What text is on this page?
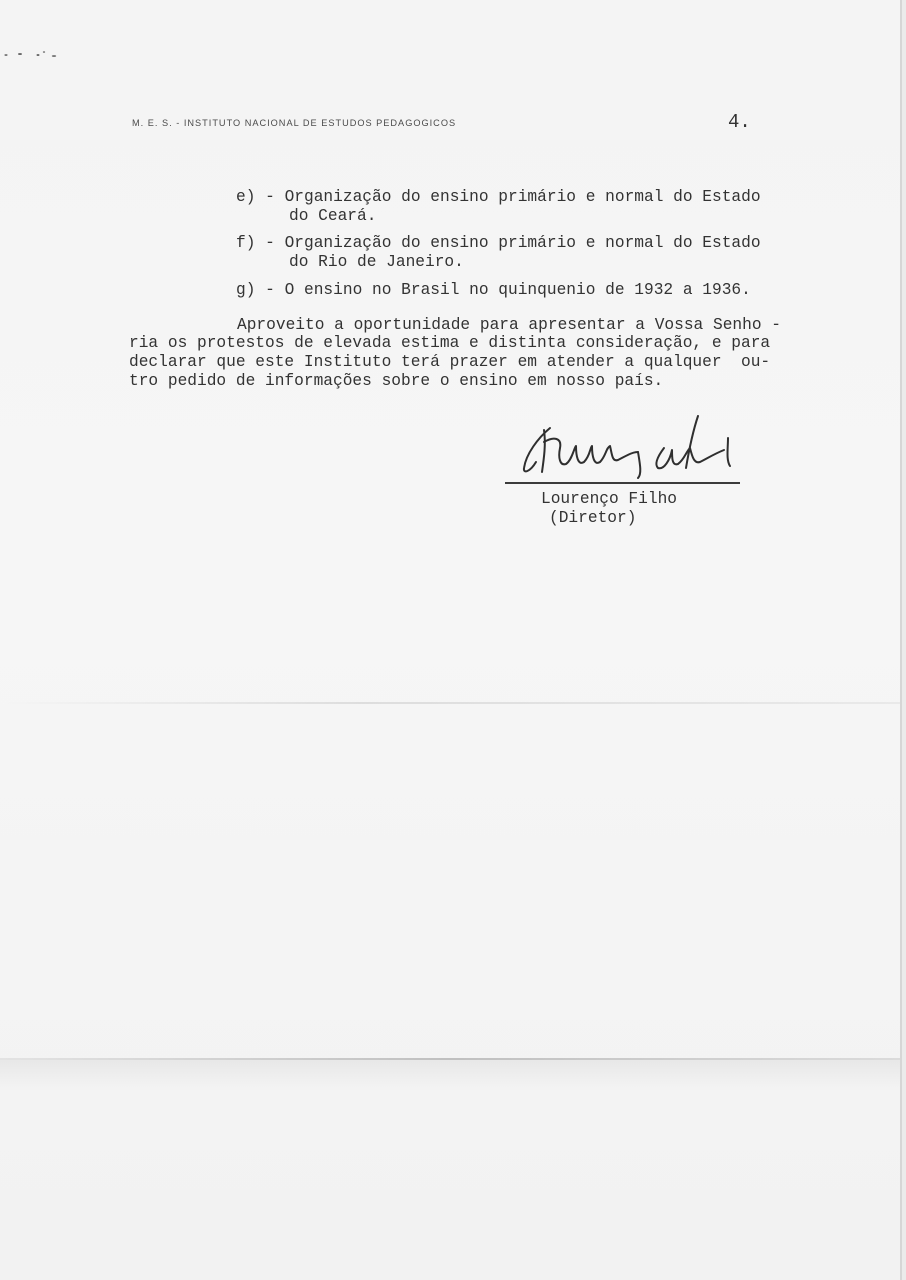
M. E. S. - INSTITUTO NACIONAL DE ESTUDOS PEDAGOGICOS	4.
e) - Organização do ensino primário e normal do Estado
do Ceará.
f) - Organização do ensino primário e normal do Estado
do Rio de Janeiro.
g) - O ensino no Brasil no quinquenio de 1932 a 1936.
Aproveito a oportunidade para apresentar a Vossa Senho -
ria os protestos de elevada estima e distinta consideração, e para
declarar que este Instituto terá prazer em atender a qualquer  ou-
tro pedido de informações sobre o ensino em nosso país.
Lourenço Filho
(Diretor)
